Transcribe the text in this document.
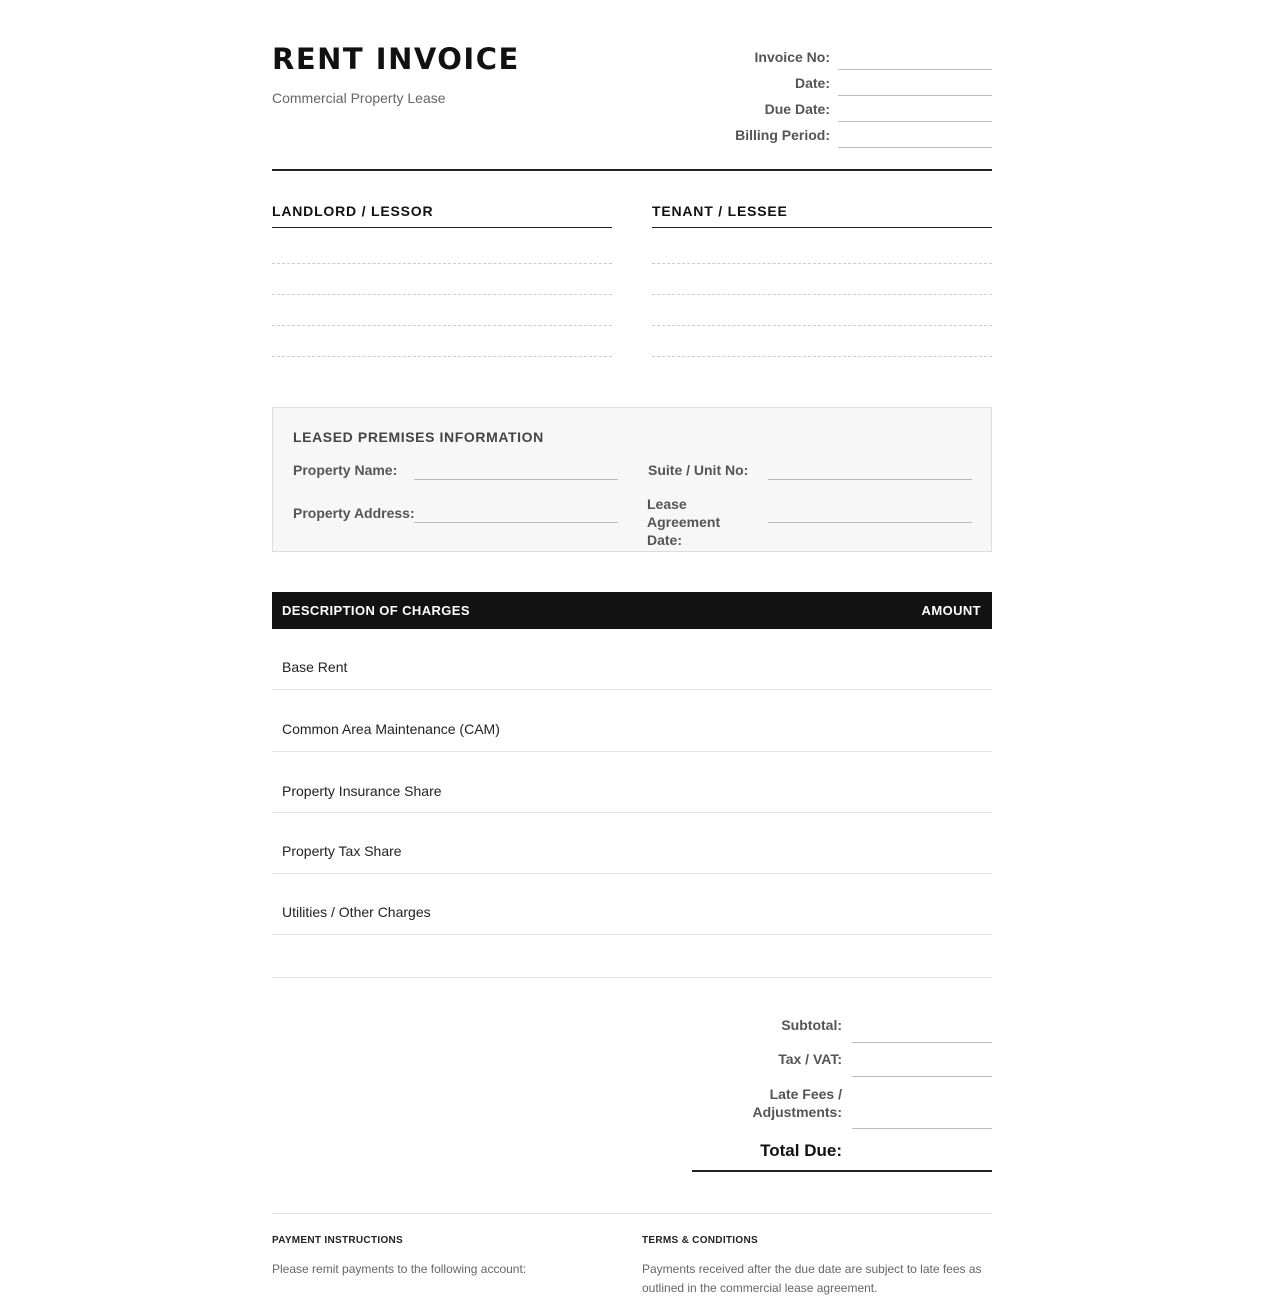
RENT INVOICE
Commercial Property Lease
Invoice No:
Date:
Due Date:
Billing Period:
LANDLORD / LESSOR	TENANT / LESSEE
LEASED PREMISES INFORMATION
Property Name:
Property Address:
Suite / Unit No:
Lease Agreement Date:
DESCRIPTION OF CHARGES	AMOUNT
Base Rent
Common Area Maintenance (CAM)
Property Insurance Share
Property Tax Share
Utilities / Other Charges
Subtotal:
Tax / VAT:
Late Fees / Adjustments:
Total Due:
PAYMENT INSTRUCTIONS

Please remit payments to the following account:

TERMS & CONDITIONS

Payments received after the due date are subject to late fees as outlined in the commercial lease agreement.
